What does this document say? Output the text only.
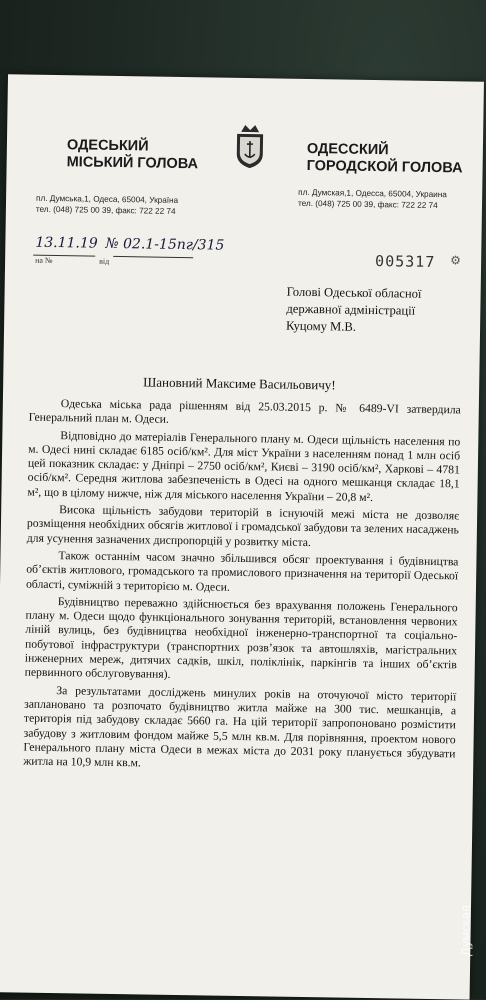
ОДЕСЬКИЙ
МІСЬКИЙ ГОЛОВА
ОДЕССКИЙ
ГОРОДСКОЙ ГОЛОВА
пл. Думська,1, Одеса, 65004, Україна
тел. (048) 725 00 39, факс: 722 22 74
пл. Думская,1, Одесса, 65004, Украина
тел. (048) 725 00 39, факс: 722 22 74
13.11.19 № 02.1-15пг/315
на №	від	005317 ⚙
Голові Одеської обласної
державної адміністрації
Куцому М.В.
Шановний Максиме Васильовичу!

Одеська міська рада рішенням від 25.03.2015 р. № 6489-VI затвердила Генеральний план м. Одеси.

Відповідно до матеріалів Генерального плану м. Одеси щільність населення по м. Одесі нині складає 6185 осіб/км². Для міст України з населенням понад 1 млн осіб цей показник складає: у Дніпрі – 2750 осіб/км², Києві – 3190 осіб/км², Харкові – 4781 осіб/км². Середня житлова забезпеченість в Одесі на одного мешканця складає 18,1 м², що в цілому нижче, ніж для міського населення України – 20,8 м².

Висока щільність забудови територій в існуючій межі міста не дозволяє розміщення необхідних обсягів житлової і громадської забудови та зелених насаджень для усунення зазначених диспропорцій у розвитку міста.

Також останнім часом значно збільшився обсяг проектування і будівництва об’єктів житлового, громадського та промислового призначення на території Одеської області, суміжній з територією м. Одеси.

Будівництво переважно здійснюється без врахування положень Генерального плану м. Одеси щодо функціонального зонування територій, встановлення червоних ліній вулиць, без будівництва необхідної інженерно-транспортної та соціально-побутової інфраструктури (транспортних розв’язок та автошляхів, магістральних інженерних мереж, дитячих садків, шкіл, поліклінік, паркінгів та інших об’єктів первинного обслуговування).

За результатами досліджень минулих років на оточуючої місто території заплановано та розпочато будівництво житла майже на 300 тис. мешканців, а територія під забудову складає 5660 га. На цій території запропоновано розмістити забудову з житловим фондом майже 5,5 млн кв.м. Для порівняння, проектом нового Генерального плану міста Одеси в межах міста до 2031 року планується збудувати житла на 10,9 млн кв.м.

Думская
